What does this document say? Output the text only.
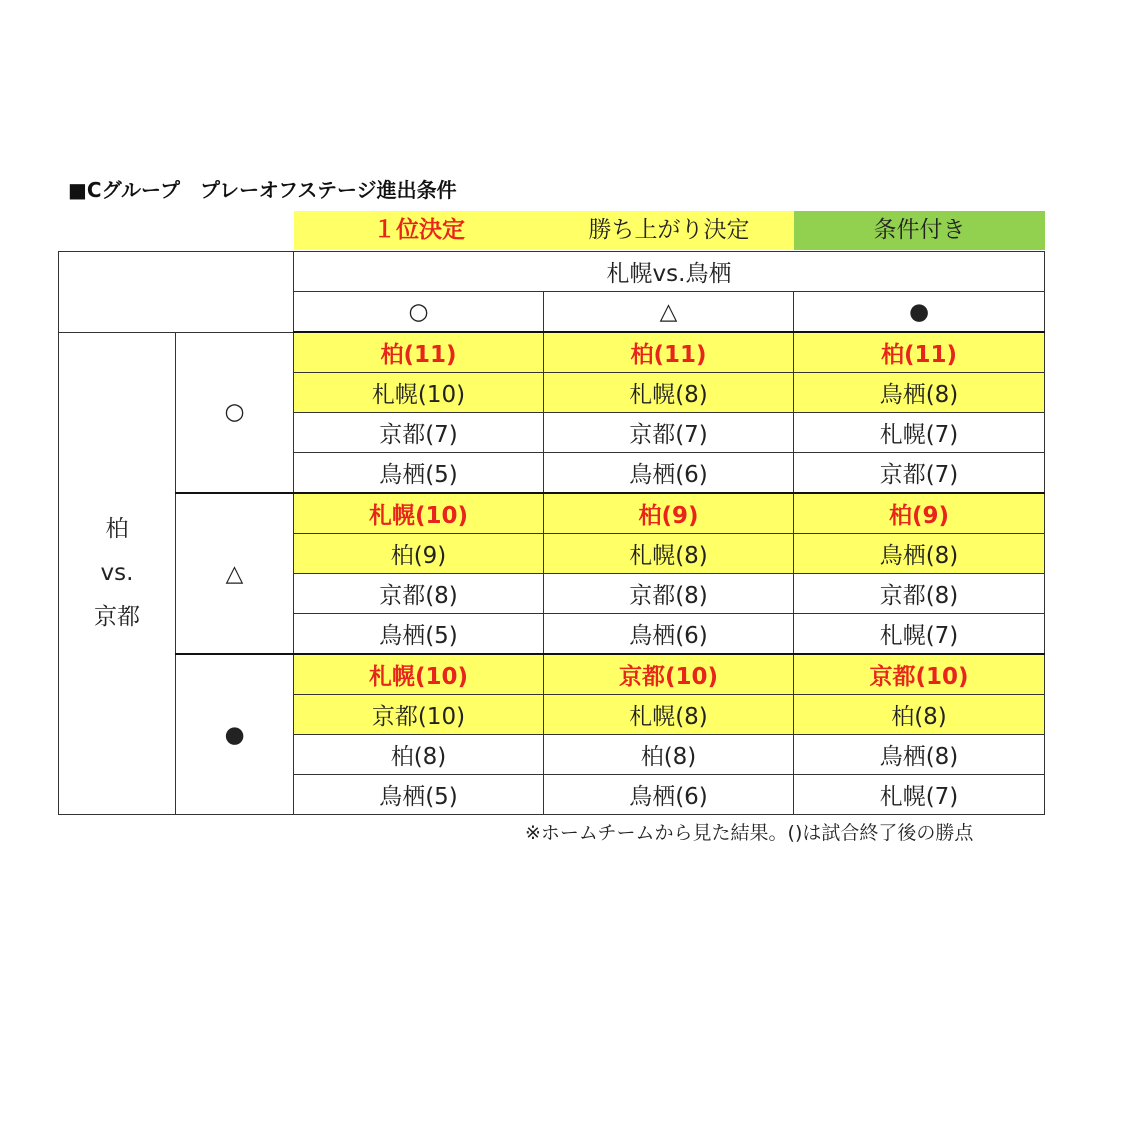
■Cグループ　プレーオフステージ進出条件
１位決定	勝ち上がり決定	条件付き
		札幌vs.鳥栖		
		○	△	●

柏
vs.
京都	○	柏(11)	柏(11)	柏(11)
		札幌(10)	札幌(8)	鳥栖(8)
		京都(7)	京都(7)	札幌(7)
		鳥栖(5)	鳥栖(6)	京都(7)
	△	札幌(10)	柏(9)	柏(9)
		柏(9)	札幌(8)	鳥栖(8)
		京都(8)	京都(8)	京都(8)
		鳥栖(5)	鳥栖(6)	札幌(7)
	●	札幌(10)	京都(10)	京都(10)
		京都(10)	札幌(8)	柏(8)
		柏(8)	柏(8)	鳥栖(8)
		鳥栖(5)	鳥栖(6)	札幌(7)
※ホームチームから見た結果。()は試合終了後の勝点
